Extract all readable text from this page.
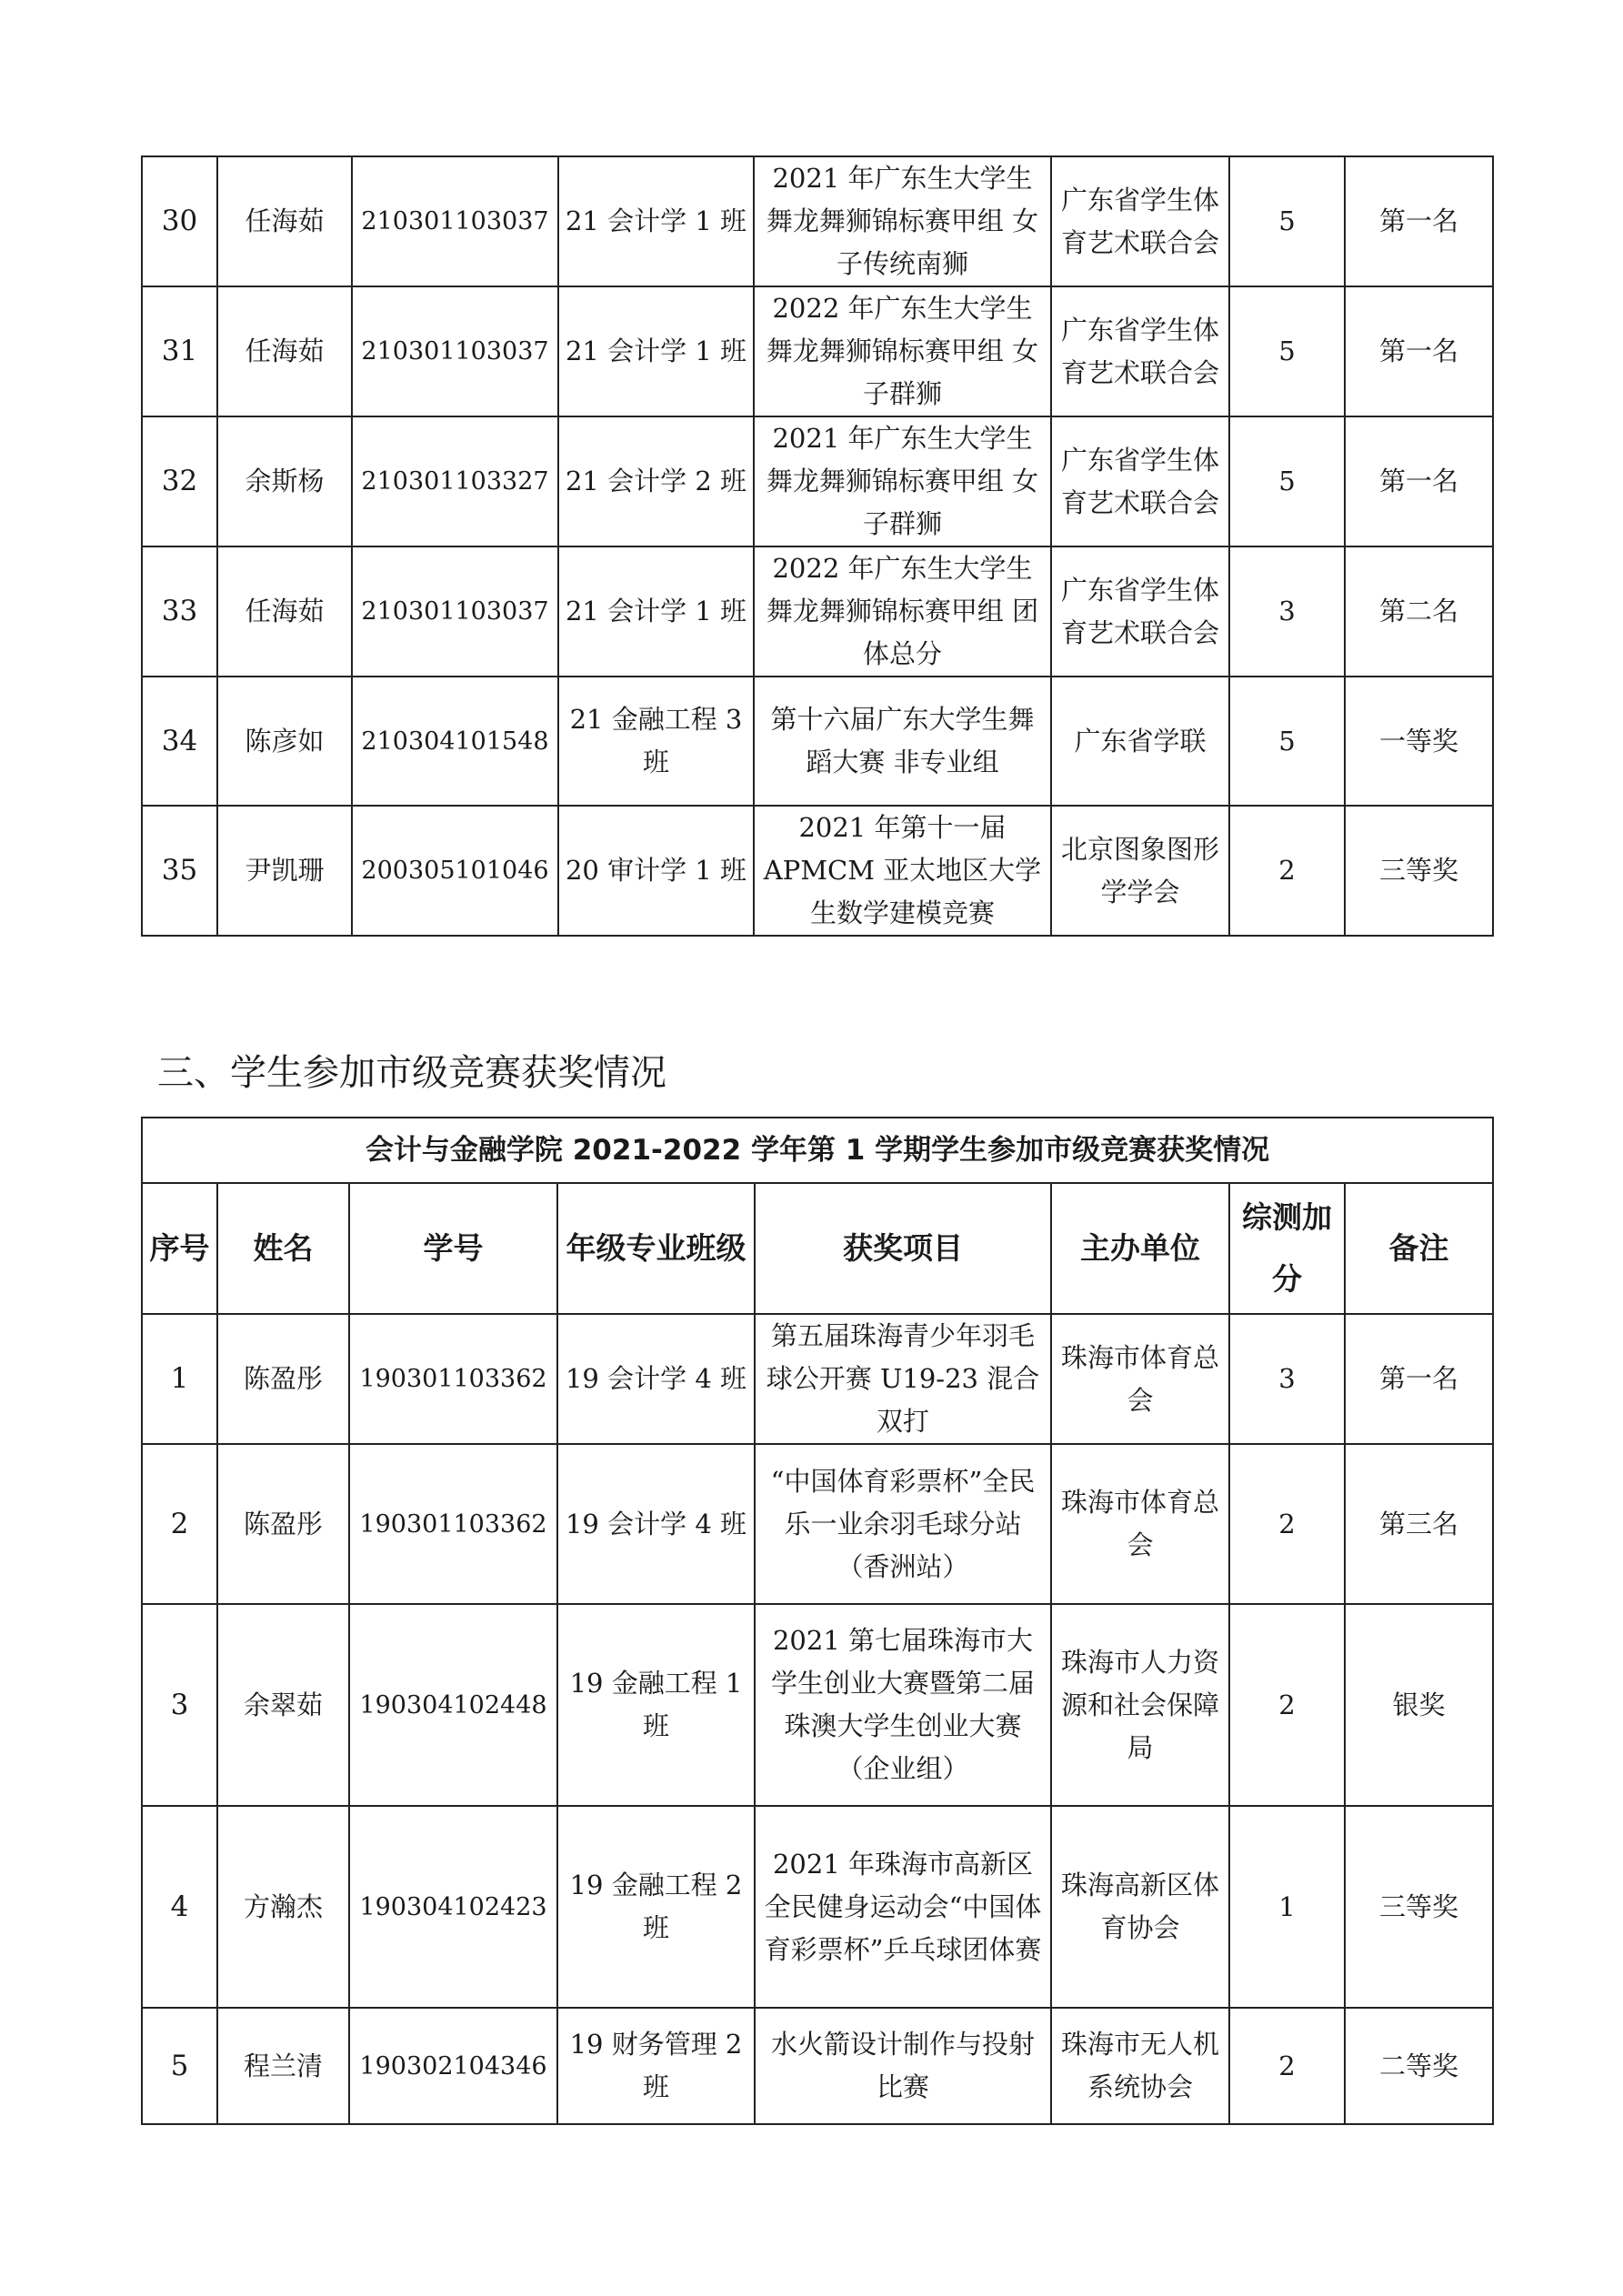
30	任海茹	210301103037	21 会计学 1 班	2021 年广东生大学生舞龙舞狮锦标赛甲组 女子传统南狮	广东省学生体育艺术联合会	5	第一名
31	任海茹	210301103037	21 会计学 1 班	2022 年广东生大学生舞龙舞狮锦标赛甲组 女子群狮	广东省学生体育艺术联合会	5	第一名
32	余斯杨	210301103327	21 会计学 2 班	2021 年广东生大学生舞龙舞狮锦标赛甲组 女子群狮	广东省学生体育艺术联合会	5	第一名
33	任海茹	210301103037	21 会计学 1 班	2022 年广东生大学生舞龙舞狮锦标赛甲组 团体总分	广东省学生体育艺术联合会	3	第二名
34	陈彦如	210304101548	21 金融工程 3 班	第十六届广东大学生舞蹈大赛 非专业组	广东省学联	5	一等奖
35	尹凯珊	200305101046	20 审计学 1 班	2021 年第十一届 APMCM 亚太地区大学生数学建模竞赛	北京图象图形学学会	2	三等奖
三、学生参加市级竞赛获奖情况
会计与金融学院 2021-2022 学年第 1 学期学生参加市级竞赛获奖情况							
序号	姓名	学号	年级专业班级	获奖项目	主办单位	综测加分	备注
1	陈盈彤	190301103362	19 会计学 4 班	第五届珠海青少年羽毛球公开赛 U19-23 混合双打	珠海市体育总会	3	第一名
2	陈盈彤	190301103362	19 会计学 4 班	“中国体育彩票杯”全民乐一业余羽毛球分站（香洲站）	珠海市体育总会	2	第三名
3	余翠茹	190304102448	19 金融工程 1 班	2021 第七届珠海市大学生创业大赛暨第二届珠澳大学生创业大赛（企业组）	珠海市人力资源和社会保障局	2	银奖
4	方瀚杰	190304102423	19 金融工程 2 班	2021 年珠海市高新区全民健身运动会“中国体育彩票杯”乒乓球团体赛	珠海高新区体育协会	1	三等奖
5	程兰清	190302104346	19 财务管理 2 班	水火箭设计制作与投射比赛	珠海市无人机系统协会	2	二等奖
